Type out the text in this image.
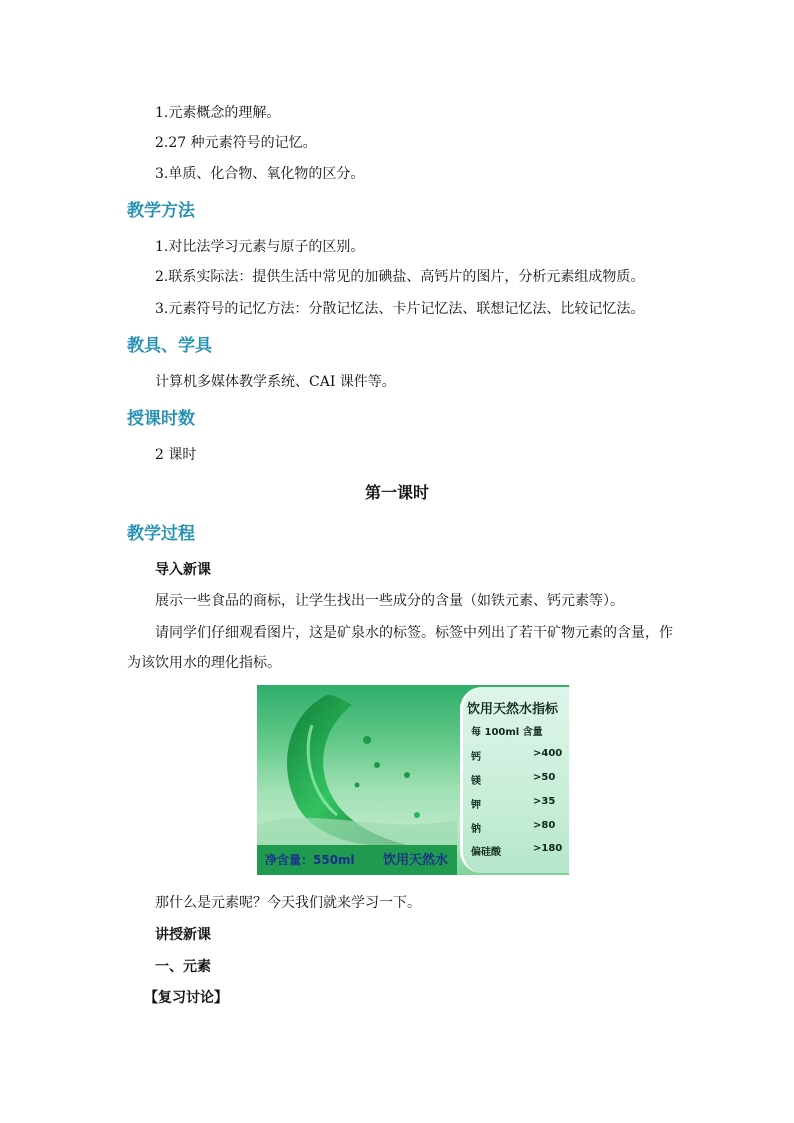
1.元素概念的理解。
2.27 种元素符号的记忆。
3.单质、化合物、氧化物的区分。
教学方法
1.对比法学习元素与原子的区别。
2.联系实际法：提供生活中常见的加碘盐、高钙片的图片，分析元素组成物质。
3.元素符号的记忆方法：分散记忆法、卡片记忆法、联想记忆法、比较记忆法。
教具、学具
计算机多媒体教学系统、CAI 课件等。
授课时数
2 课时
第一课时
教学过程
导入新课
展示一些食品的商标，让学生找出一些成分的含量（如铁元素、钙元素等）。
请同学们仔细观看图片，这是矿泉水的标签。标签中列出了若干矿物元素的含量，作
为该饮用水的理化指标。
饮用天然水指标
每 100ml 含量
钙	>400
镁	>50
钾	>35
钠	>80
偏硅酸	>180
净含量：550ml 饮用天然水
那什么是元素呢？今天我们就来学习一下。
讲授新课
一、元素
【复习讨论】
